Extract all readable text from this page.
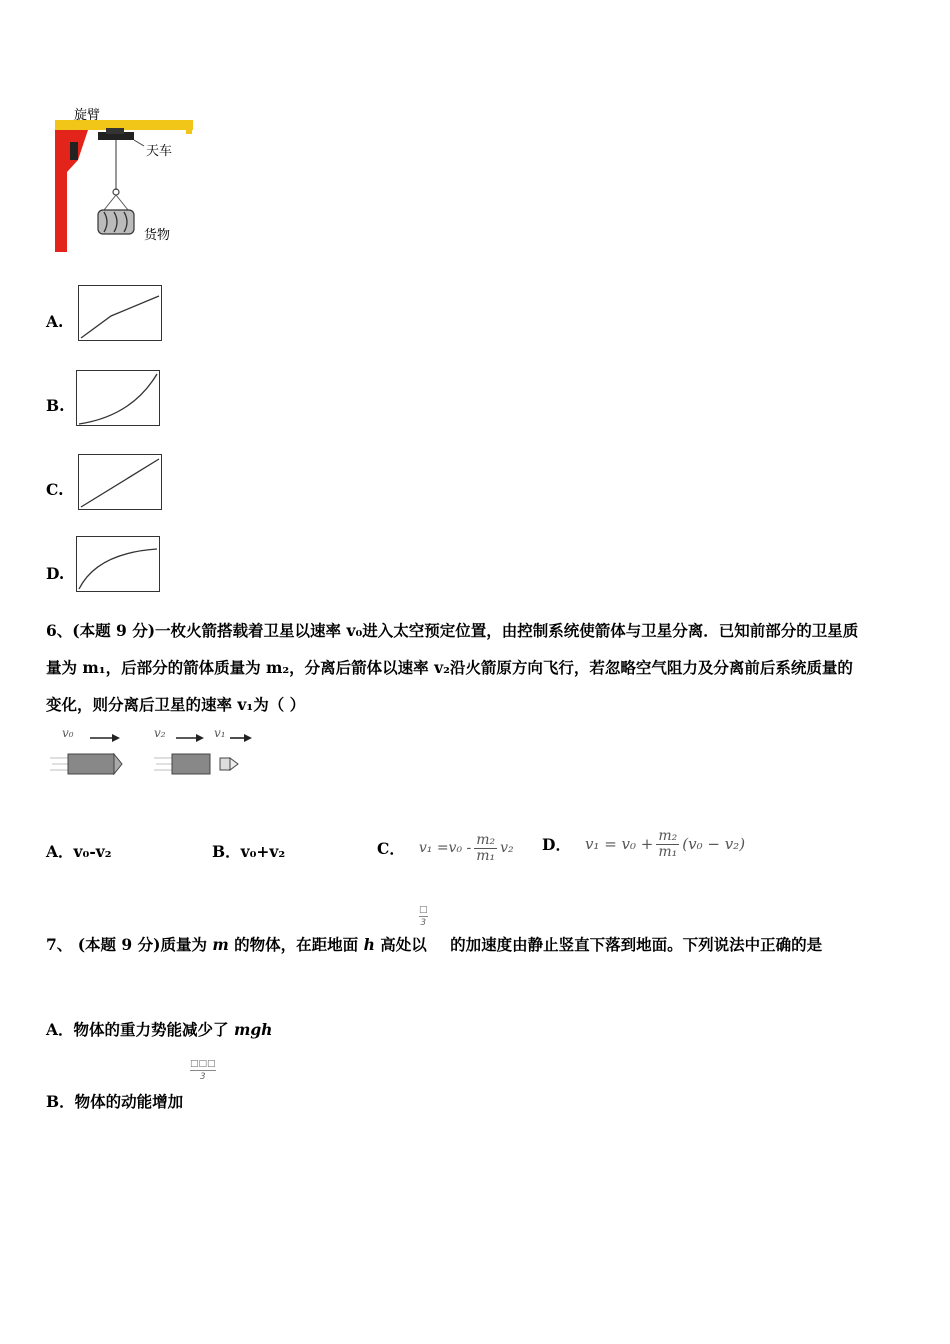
旋臂
天车
货物
A.
B.
C.
D.
6、(本题 9 分)一枚火箭搭载着卫星以速率 v₀进入太空预定位置，由控制系统使箭体与卫星分离．已知前部分的卫星质
量为 m₁，后部分的箭体质量为 m₂，分离后箭体以速率 v₂沿火箭原方向飞行，若忽略空气阻力及分离前后系统质量的
变化，则分离后卫星的速率 v₁为（ ）
v₀	v₂	v₁
A．v₀-v₂	B．v₀+v₂	C． $v_1 =v_0 - \frac{\text{m₂}}{\text{m₁}} v_2$ D． $v_1 = v_0 + \frac{\text{m₂}}{\text{m₁}} (v_0 - v_2)$
7、 (本题 9 分)质量为 m 的物体，在距地面 h 高处以 的加速度由静止竖直下落到地面。下列说法中正确的是
□
3
A．物体的重力势能减少了 mgh
□□□
3
B．物体的动能增加
